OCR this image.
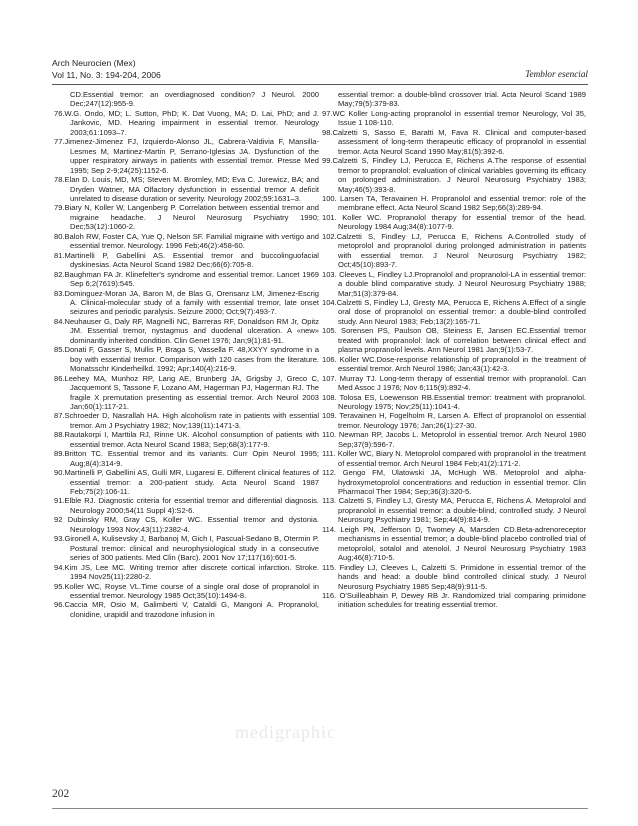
Arch Neurocien (Mex)
Vol 11, No. 3: 194-204, 2006	Temblor esencial

CD.Essential tremor: an overdiagnosed condition? J Neurol. 2000 Dec;247(12):955-9.

76.W.G. Ondo, MD; L. Sutton, PhD; K. Dat Vuong, MA; D. Lai, PhD; and J. Jankovic, MD. Hearing impairment in essential tremor. Neurology 2003;61:1093–7.

77.Jimenez-Jimenez FJ, Izquierdo-Alonso JL, Cabrera-Valdivia F, Mansilla-Lesmes M, Martinez-Martin P, Serrano-Iglesias JA. Dysfunction of the upper respiratory airways in patients with essential tremor. Presse Med 1995; Sep 2-9;24(25):1152-6.

78.Elan D. Louis, MD, MS; Steven M. Bromley, MD; Eva C. Jurewicz, BA; and Dryden Watner, MA Olfactory dysfunction in essential tremor A deficit unrelated to disease duration or severity. Neurology 2002;59:1631–3.

79.Biary N, Koller W, Langenberg P. Correlation between essential tremor and migraine headache. J Neurol Neurosurg Psychiatry 1990; Dec;53(12):1060-2.

80.Baloh RW, Foster CA, Yue Q, Nelson SF. Familial migraine with vertigo and essential tremor. Neurology. 1996 Feb;46(2):458-60.

81.Martinelli P, Gabellini AS. Essential tremor and buccolinguofacial dyskinesias. Acta Neurol Scand 1982 Dec;66(6):705-8.

82.Baughman FA Jr. Klinefelter's syndrome and essential tremor. Lancet 1969 Sep 6;2(7619):545.

83.Dominguez-Moran JA, Baron M, de Blas G, Orensanz LM, Jimenez-Escrig A. Clinical-molecular study of a family with essential tremor, late onset seizures and periodic paralysis. Seizure 2000; Oct;9(7):493-7.

84.Neuhauser G, Daly RF, Magnelli NC, Barreras RF, Donaldson RM Jr, Opitz JM. Essential tremor, nystagmus and duodenal ulceration. A «new» dominantly inherited condition. Clin Genet 1976; Jan;9(1):81-91.

85.Donati F, Gasser S, Mullis P, Braga S, Vassella F. 48,XXYY syndrome in a boy with essential tremor. Comparison with 120 cases from the literature. Monatsschr Kinderheilkd. 1992; Apr;140(4):216-9.

86.Leehey MA, Munhoz RP, Lang AE, Brunberg JA, Grigsby J, Greco C, Jacquemont S, Tassone F, Lozano AM, Hagerman PJ, Hagerman RJ. The fragile X premutation presenting as essential tremor. Arch Neurol 2003 Jan;60(1):117-21.

87.Schroeder D, Nasrallah HA. High alcoholism rate in patients with essential tremor. Am J Psychiatry 1982; Nov;139(11):1471-3.

88.Rautakorpi I, Marttila RJ, Rinne UK. Alcohol consumption of patients with essential tremor. Acta Neurol Scand 1983; Sep;68(3):177-9.

89.Britton TC. Essential tremor and its variants. Curr Opin Neurol 1995; Aug;8(4):314-9.

90.Martinelli P, Gabellini AS, Gulli MR, Lugaresi E. Different clinical features of essential tremor: a 200-patient study. Acta Neurol Scand 1987 Feb;75(2):106-11.

91.Elble RJ. Diagnostic criteria for essential tremor and differential diagnosis. Neurology 2000;54(11 Suppl 4):S2-6.

92 Dubinsky RM, Gray CS, Koller WC. Essential tremor and dystonia. Neurology 1993 Nov;43(11):2382-4.

93.Gironell A, Kulisevsky J, Barbanoj M, Gich I, Pascual-Sedano B, Otermin P. Postural tremor: clinical and neurophysiological study in a consecutive series of 300 patients. Med Clin (Barc). 2001 Nov 17;117(16):601-5.

94.Kim JS, Lee MC. Writing tremor after discrete cortical infarction. Stroke. 1994 Nov25(11):2280-2.

95.Koller WC, Royse VL.Time course of a single oral dose of propranolol in essential tremor. Neurology 1985 Oct;35(10):1494-8.

96.Caccia MR, Osio M, Galimberti V, Cataldi G, Mangoni A. Propranolol, clonidine, urapidil and trazodone infusion in

essential tremor: a double-blind crossover trial. Acta Neurol Scand 1989 May;79(5):379-83.

97.WC Koller Long-acting propranolol in essential tremor Neurology, Vol 35, Issue 1 108-110.

98.Calzetti S, Sasso E, Baratti M, Fava R. Clinical and computer-based assessment of long-term therapeutic efficacy of propranolol in essential tremor. Acta Neurol Scand 1990 May;81(5):392-6.

99.Calzetti S, Findley LJ, Perucca E, Richens A.The response of essential tremor to propranolol: evaluation of clinical variables governing its efficacy on prolonged administration. J Neurol Neurosurg Psychiatry 1983; May;46(5):393-8.

100. Larsen TA, Teravainen H. Propranolol and essential tremor: role of the membrane effect. Acta Neurol Scand 1982 Sep;66(3):289-94.

101. Koller WC. Propranolol therapy for essential tremor of the head. Neurology 1984 Aug;34(8):1077-9.

102.Calzetti S, Findley LJ, Perucca E, Richens A.Controlled study of metoprolol and propranolol during prolonged administration in patients with essential tremor. J Neurol Neurosurg Psychiatry 1982; Oct;45(10):893-7.

103. Cleeves L, Findley LJ.Propranolol and propranolol-LA in essential tremor: a double blind comparative study. J Neurol Neurosurg Psychiatry 1988; Mar;51(3):379-84.

104.Calzetti S, Findley LJ, Gresty MA, Perucca E, Richens A.Effect of a single oral dose of propranolol on essential tremor: a double-blind controlled study. Ann Neurol 1983; Feb;13(2):165-71.

105. Sorensen PS, Paulson OB, Steiness E, Jansen EC.Essential tremor treated with propranolol: lack of correlation between clinical effect and plasma propranolol levels. Ann Neurol 1981 Jan;9(1):53-7.

106. Koller WC.Dose-response relationship of propranolol in the treatment of essential tremor. Arch Neurol 1986; Jan;43(1):42-3.

107. Murray TJ. Long-term therapy of essential tremor with propranolol. Can Med Assoc J 1976; Nov 6;115(9):892-4.

108. Tolosa ES, Loewenson RB.Essential tremor: treatment with propranolol. Neurology 1975; Nov;25(11):1041-4.

109. Teravainen H, Fogelholm R, Larsen A. Effect of propranolol on essential tremor. Neurology 1976; Jan;26(1):27-30.

110. Newman RP, Jacobs L. Metoprolol in essential tremor. Arch Neurol 1980 Sep;37(9):596-7.

111. Koller WC, Biary N. Metoprolol compared with propranolol in the treatment of essential tremor. Arch Neurol 1984 Feb;41(2):171-2.

112. Gengo FM, Ulatowski JA, McHugh WB. Metoprolol and alpha-hydroxymetoprolol concentrations and reduction in essential tremor. Clin Pharmacol Ther 1984; Sep;36(3):320-5.

113. Calzetti S, Findley LJ, Gresty MA, Perucca E, Richens A. Metoprolol and propranolol in essential tremor: a double-blind, controlled study. J Neurol Neurosurg Psychiatry 1981; Sep;44(9):814-9.

114. Leigh PN, Jefferson D, Twomey A, Marsden CD.Beta-adrenoreceptor mechanisms in essential tremor; a double-blind placebo controlled trial of metoprolol, sotalol and atenolol. J Neurol Neurosurg Psychiatry 1983 Aug;46(8):710-5.

115. Findley LJ, Cleeves L, Calzetti S. Primidone in essential tremor of the hands and head: a double blind controlled clinical study. J Neurol Neurosurg Psychiatry 1985 Sep;48(9):911-5.

116. O'Suilleabhain P, Dewey RB Jr. Randomized trial comparing primidone initiation schedules for treating essential tremor.

medigraphic
202
